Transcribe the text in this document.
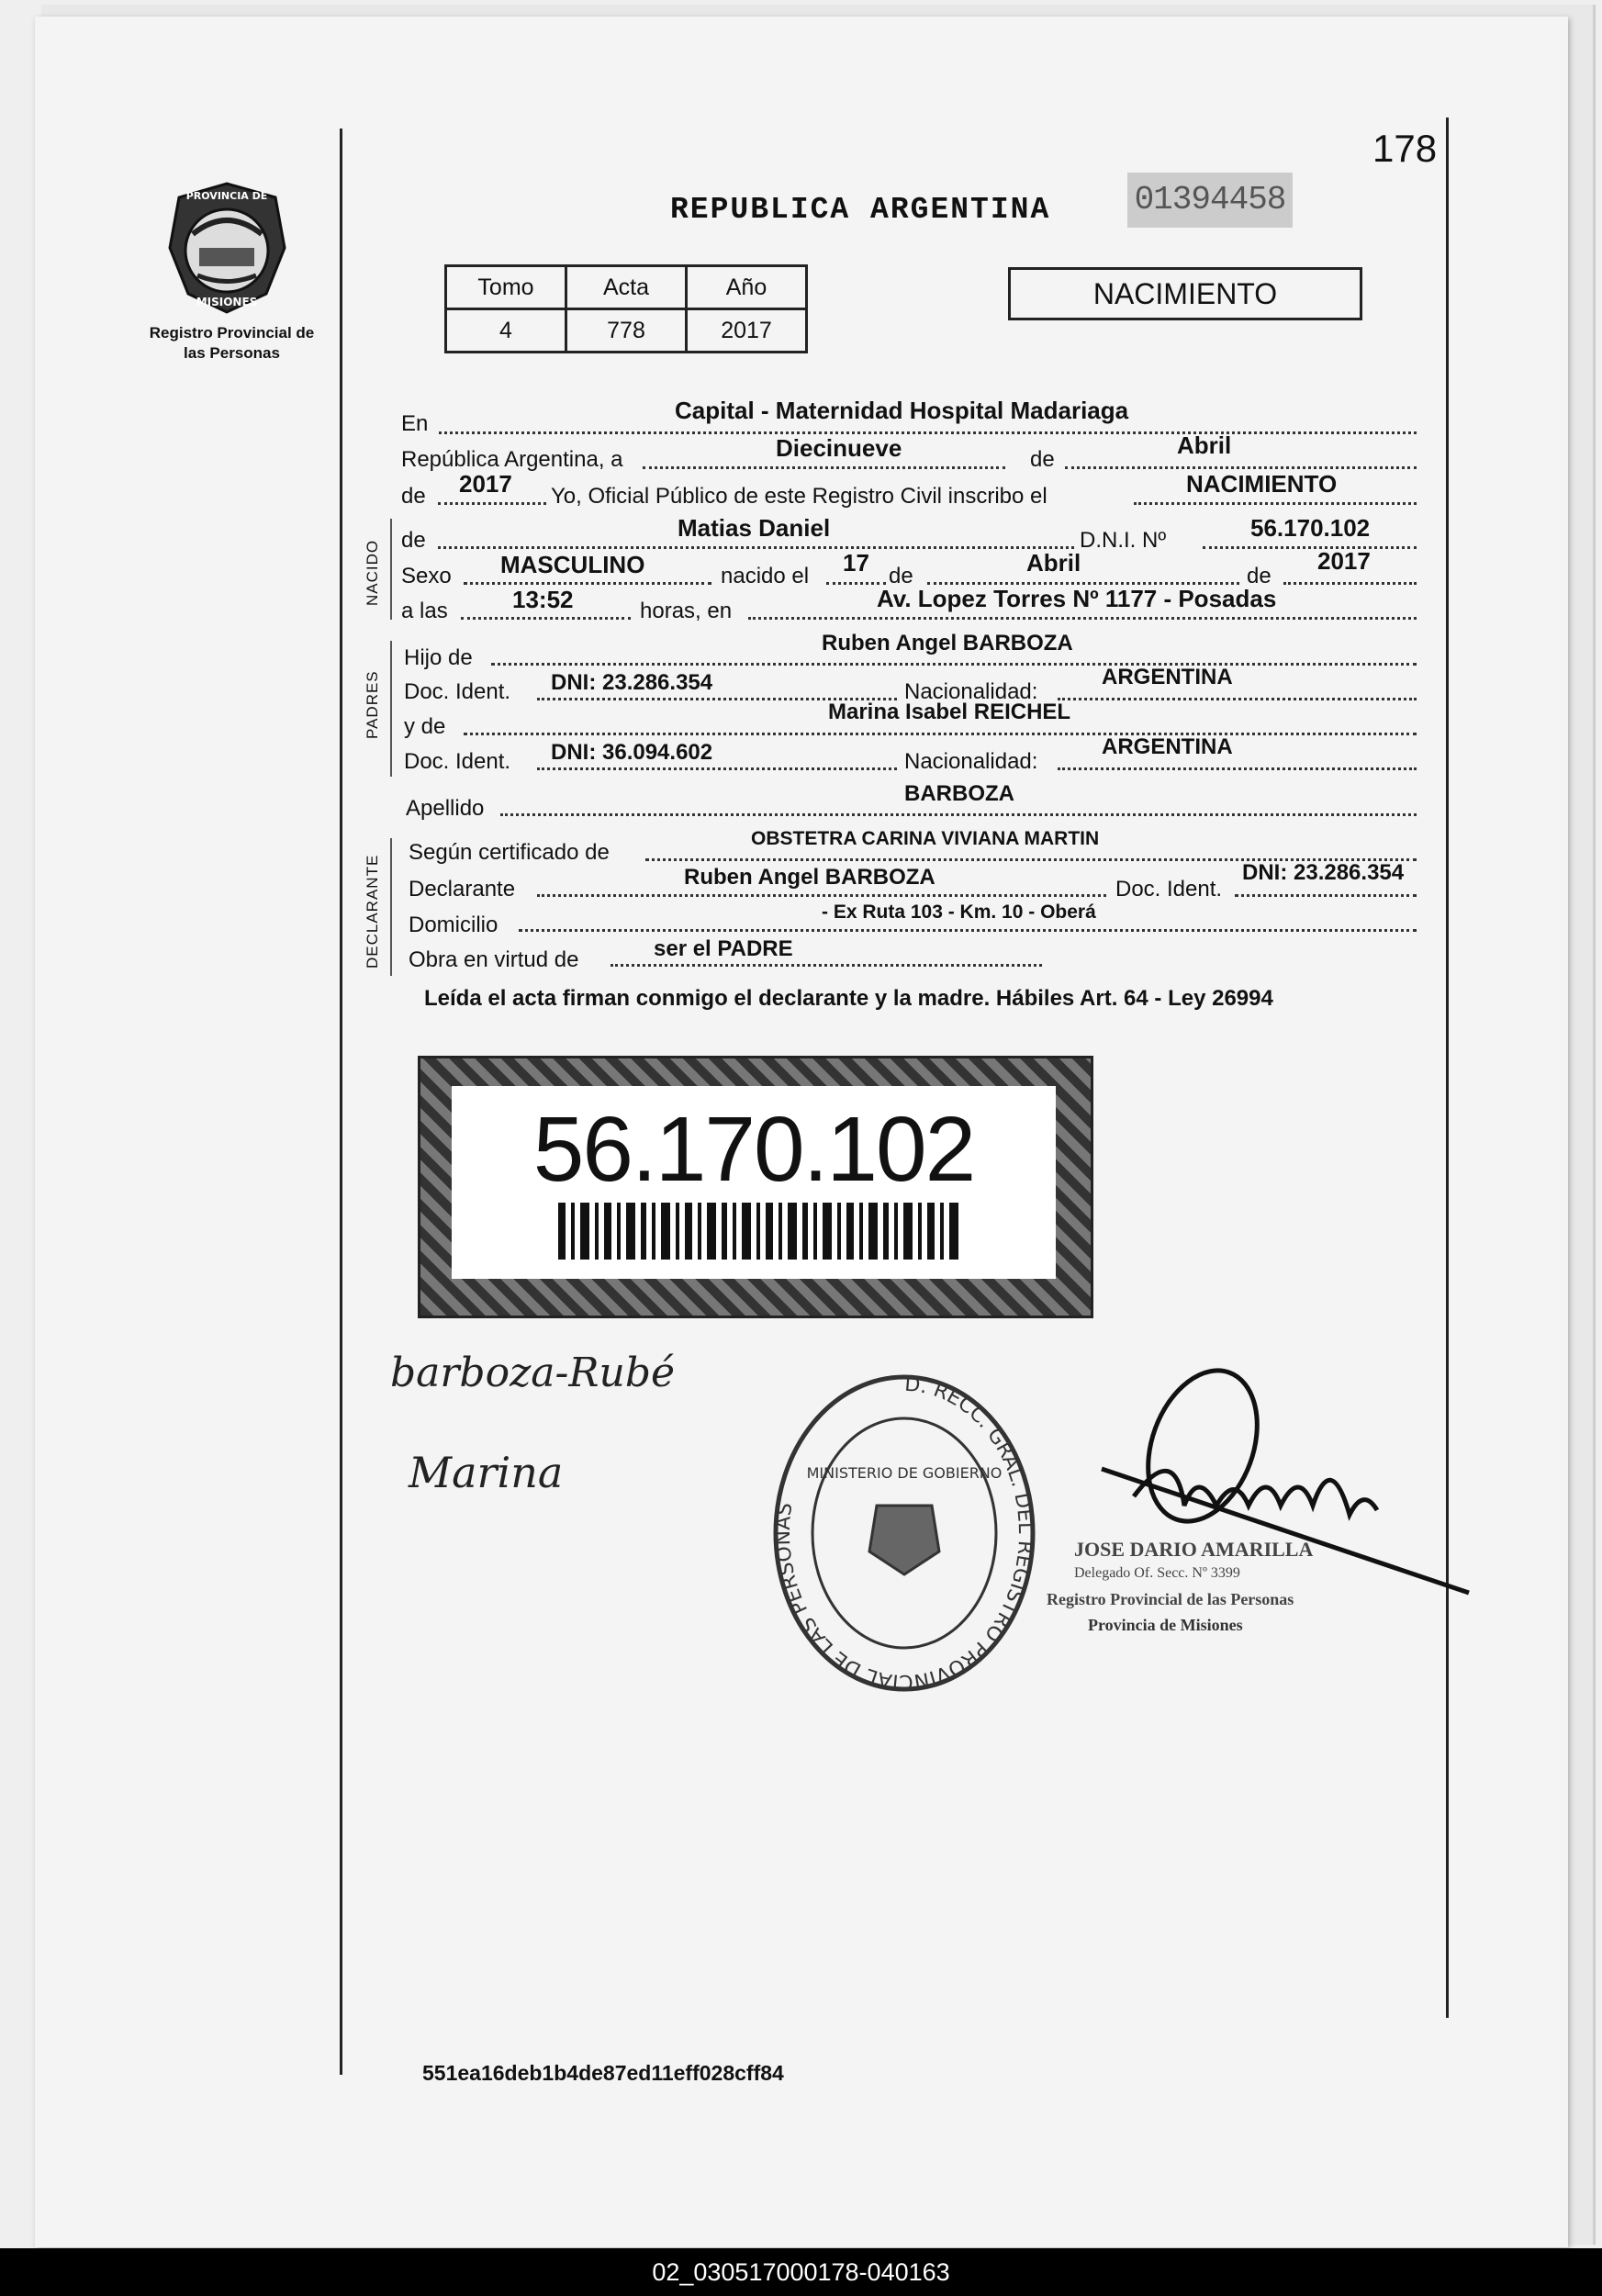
178
PROVINCIA DE
MISIONES
Registro Provincial de las Personas
REPUBLICA ARGENTINA	01394458
Tomo	Acta	Año
4	778	2017
NACIMIENTO
En	Capital - Maternidad Hospital Madariaga
República Argentina, a	Diecinueve	de
Abril
de 2017 Yo, Oficial Público de este Registro Civil inscribo el	NACIMIENTO
NACIDO de	Matias Daniel	D.N.I. Nº	56.170.102
Sexo MASCULINO	nacido el 17 de	Abril	de
2017
a las	13:52	horas, en	Av. Lopez Torres Nº 1177 - Posadas
PADRES
Hijo de
Ruben Angel BARBOZA
Doc. Ident. DNI: 23.286.354	Nacionalidad:
ARGENTINA
y de
Marina Isabel REICHEL
Doc. Ident. DNI: 36.094.602	Nacionalidad:
ARGENTINA
Apellido
BARBOZA
DECLARANTE
Según certificado de
OBSTETRA CARINA VIVIANA MARTIN
Declarante	Ruben Angel BARBOZA	Doc. Ident.
DNI: 23.286.354
Domicilio
- Ex Ruta 103 - Km. 10 - Oberá
Obra en virtud de	ser el PADRE
Leída el acta firman conmigo el declarante y la madre. Hábiles Art. 64 - Ley 26994
56.170.102
barboza-Rubé
Marina
D. RECC. GRAL. DEL REGISTRO PROVINCIAL DE LAS PERSONAS
MINISTERIO DE GOBIERNO
JOSE DARIO AMARILLA
Delegado Of. Secc. Nº 3399
Registro Provincial de las Personas
Provincia de Misiones
551ea16deb1b4de87ed11eff028cff84
02_030517000178-040163
